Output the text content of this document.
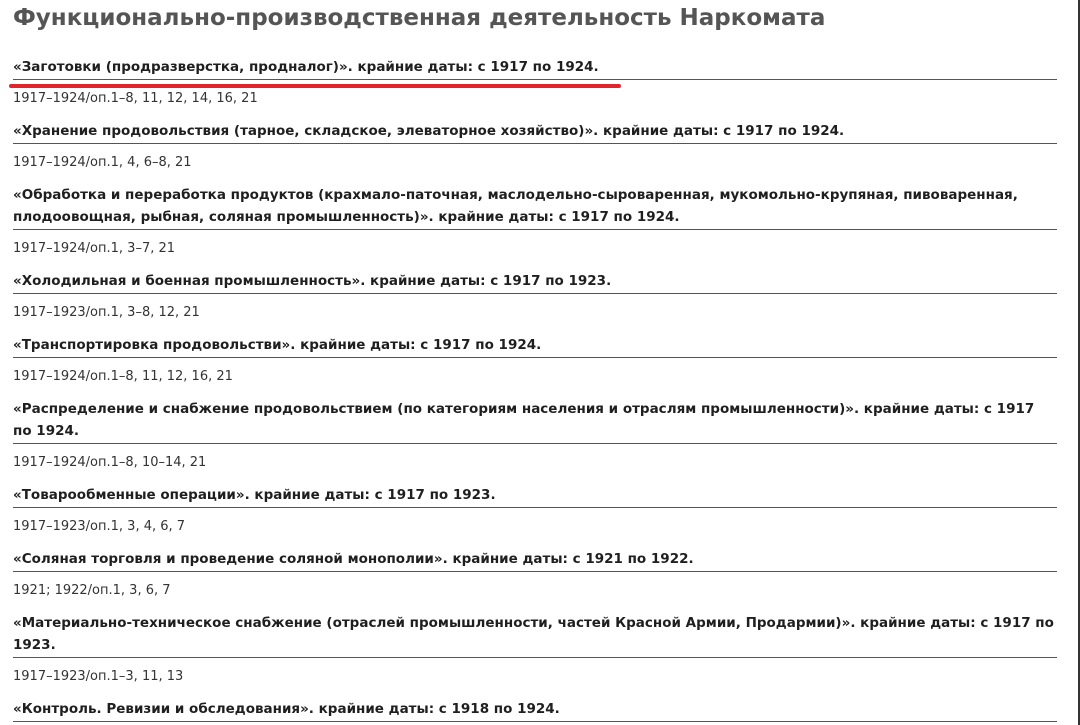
Функционально-производственная деятельность Наркомата
«Заготовки (продразверстка, продналог)». крайние даты: с 1917 по 1924.
1917–1924/оп.1–8, 11, 12, 14, 16, 21
«Хранение продовольствия (тарное, складское, элеваторное хозяйство)». крайние даты: с 1917 по 1924.
1917–1924/оп.1, 4, 6–8, 21
«Обработка и переработка продуктов (крахмало-паточная, маслодельно-сыроваренная, мукомольно-крупяная, пивоваренная, плодоовощная, рыбная, соляная промышленность)». крайние даты: с 1917 по 1924.
1917–1924/оп.1, 3–7, 21
«Холодильная и боенная промышленность». крайние даты: с 1917 по 1923.
1917–1923/оп.1, 3–8, 12, 21
«Транспортировка продовольстви». крайние даты: с 1917 по 1924.
1917–1924/оп.1–8, 11, 12, 16, 21
«Распределение и снабжение продовольствием (по категориям населения и отраслям промышленности)». крайние даты: с 1917 по 1924.
1917–1924/оп.1–8, 10–14, 21
«Товарообменные операции». крайние даты: с 1917 по 1923.
1917–1923/оп.1, 3, 4, 6, 7
«Соляная торговля и проведение соляной монополии». крайние даты: с 1921 по 1922.
1921; 1922/оп.1, 3, 6, 7
«Материально-техническое снабжение (отраслей промышленности, частей Красной Армии, Продармии)». крайние даты: с 1917 по 1923.
1917–1923/оп.1–3, 11, 13
«Контроль. Ревизии и обследования». крайние даты: с 1918 по 1924.
